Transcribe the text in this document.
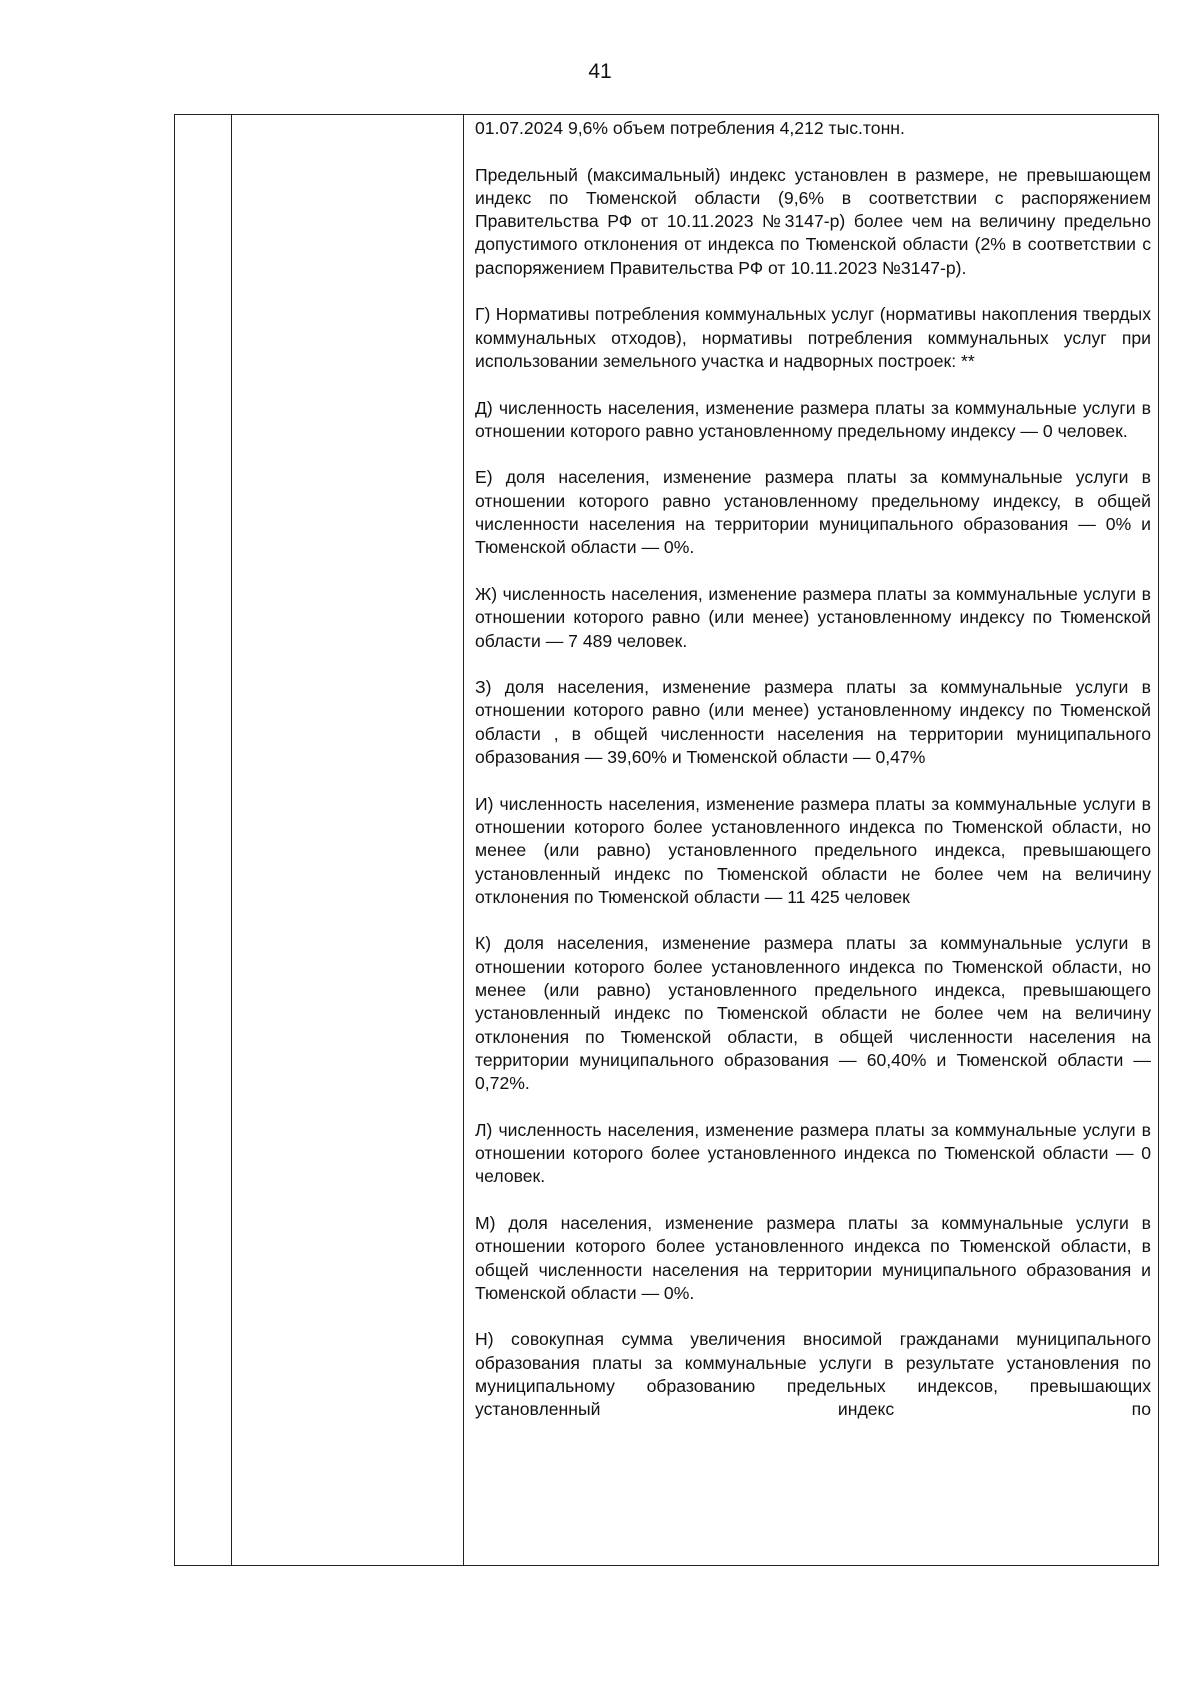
41

01.07.2024 9,6% объем потребления 4,212 тыс.тонн.

Предельный (максимальный) индекс установлен в размере, не превышающем индекс по Тюменской области (9,6% в соответствии с распоряжением Правительства РФ от 10.11.2023 №3147-р) более чем на величину предельно допустимого отклонения от индекса по Тюменской области (2% в соответствии с распоряжением Правительства РФ от 10.11.2023 №3147-р).

Г) Нормативы потребления коммунальных услуг (нормативы накопления твердых коммунальных отходов), нормативы потребления коммунальных услуг при использовании земельного участка и надворных построек: **

Д) численность населения, изменение размера платы за коммунальные услуги в отношении которого равно установленному предельному индексу — 0 человек.

Е) доля населения, изменение размера платы за коммунальные услуги в отношении которого равно установленному предельному индексу, в общей численности населения на территории муниципального образования — 0% и Тюменской области — 0%.

Ж) численность населения, изменение размера платы за коммунальные услуги в отношении которого равно (или менее) установленному индексу по Тюменской области — 7 489 человек.

З) доля населения, изменение размера платы за коммунальные услуги в отношении которого равно (или менее) установленному индексу по Тюменской области , в общей численности населения на территории муниципального образования — 39,60% и Тюменской области — 0,47%

И) численность населения, изменение размера платы за коммунальные услуги в отношении которого более установленного индекса по Тюменской области, но менее (или равно) установленного предельного индекса, превышающего установленный индекс по Тюменской области не более чем на величину отклонения по Тюменской области — 11 425 человек

К) доля населения, изменение размера платы за коммунальные услуги в отношении которого более установленного индекса по Тюменской области, но менее (или равно) установленного предельного индекса, превышающего установленный индекс по Тюменской области не более чем на величину отклонения по Тюменской области, в общей численности населения на территории муниципального образования — 60,40% и Тюменской области — 0,72%.

Л) численность населения, изменение размера платы за коммунальные услуги в отношении которого более установленного индекса по Тюменской области — 0 человек.

М) доля населения, изменение размера платы за коммунальные услуги в отношении которого более установленного индекса по Тюменской области, в общей численности населения на территории муниципального образования и Тюменской области — 0%.

Н) совокупная сумма увеличения вносимой гражданами муниципального образования платы за коммунальные услуги в результате установления по муниципальному образованию предельных индексов, превышающих установленный индекс по
